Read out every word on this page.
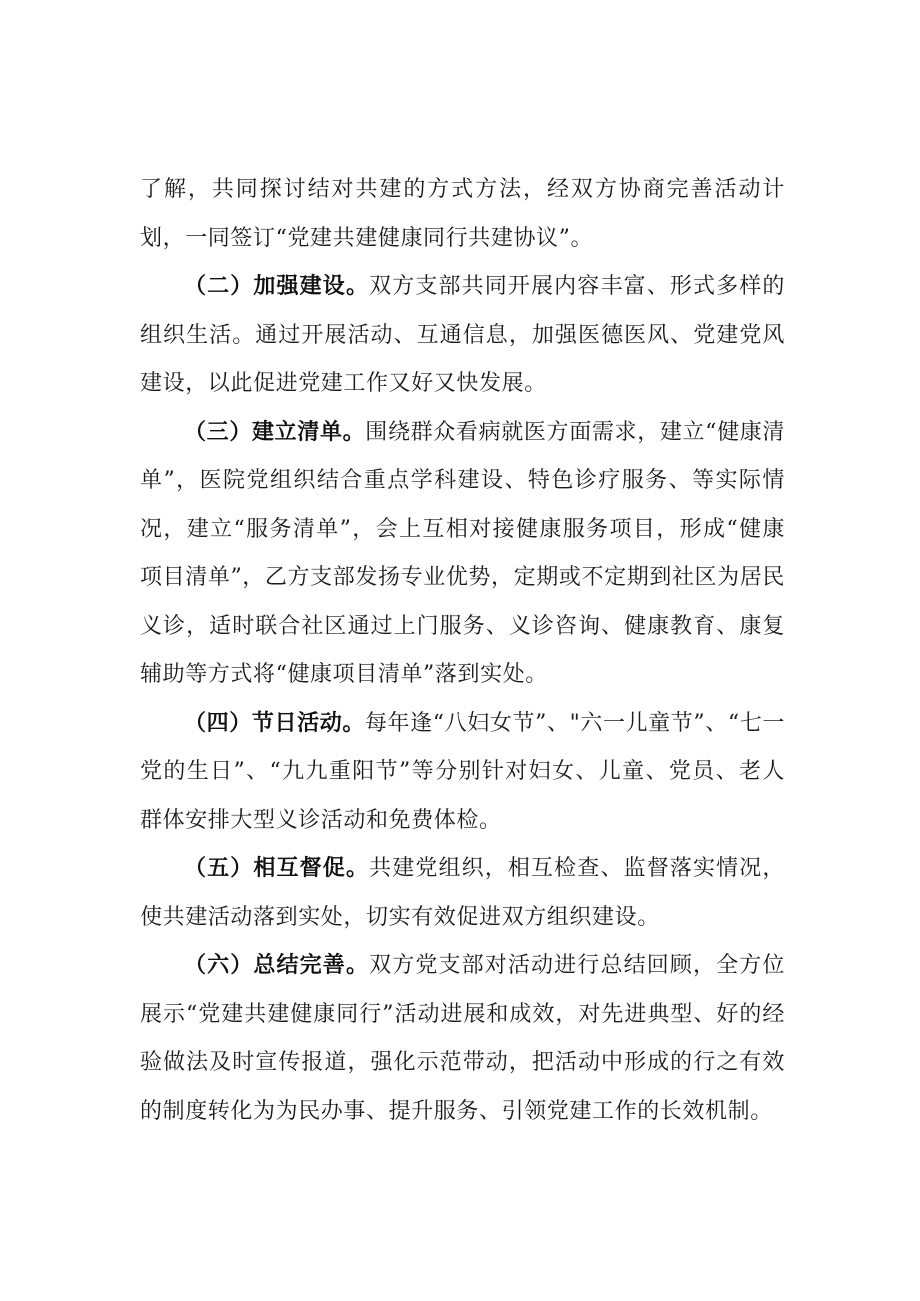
了解，共同探讨结对共建的方式方法，经双方协商完善活动计划，一同签订“党建共建健康同行共建协议”。

（二）加强建设。双方支部共同开展内容丰富、形式多样的组织生活。通过开展活动、互通信息，加强医德医风、党建党风建设，以此促进党建工作又好又快发展。

（三）建立清单。围绕群众看病就医方面需求，建立“健康清单”，医院党组织结合重点学科建设、特色诊疗服务、等实际情况，建立“服务清单”，会上互相对接健康服务项目，形成“健康项目清单”，乙方支部发扬专业优势，定期或不定期到社区为居民义诊，适时联合社区通过上门服务、义诊咨询、健康教育、康复辅助等方式将“健康项目清单”落到实处。

（四）节日活动。每年逢“八妇女节”、"六一儿童节”、“七一党的生日”、“九九重阳节”等分别针对妇女、儿童、党员、老人群体安排大型义诊活动和免费体检。

（五）相互督促。共建党组织，相互检查、监督落实情况，使共建活动落到实处，切实有效促进双方组织建设。

（六）总结完善。双方党支部对活动进行总结回顾，全方位展示“党建共建健康同行”活动进展和成效，对先进典型、好的经验做法及时宣传报道，强化示范带动，把活动中形成的行之有效的制度转化为为民办事、提升服务、引领党建工作的长效机制。
